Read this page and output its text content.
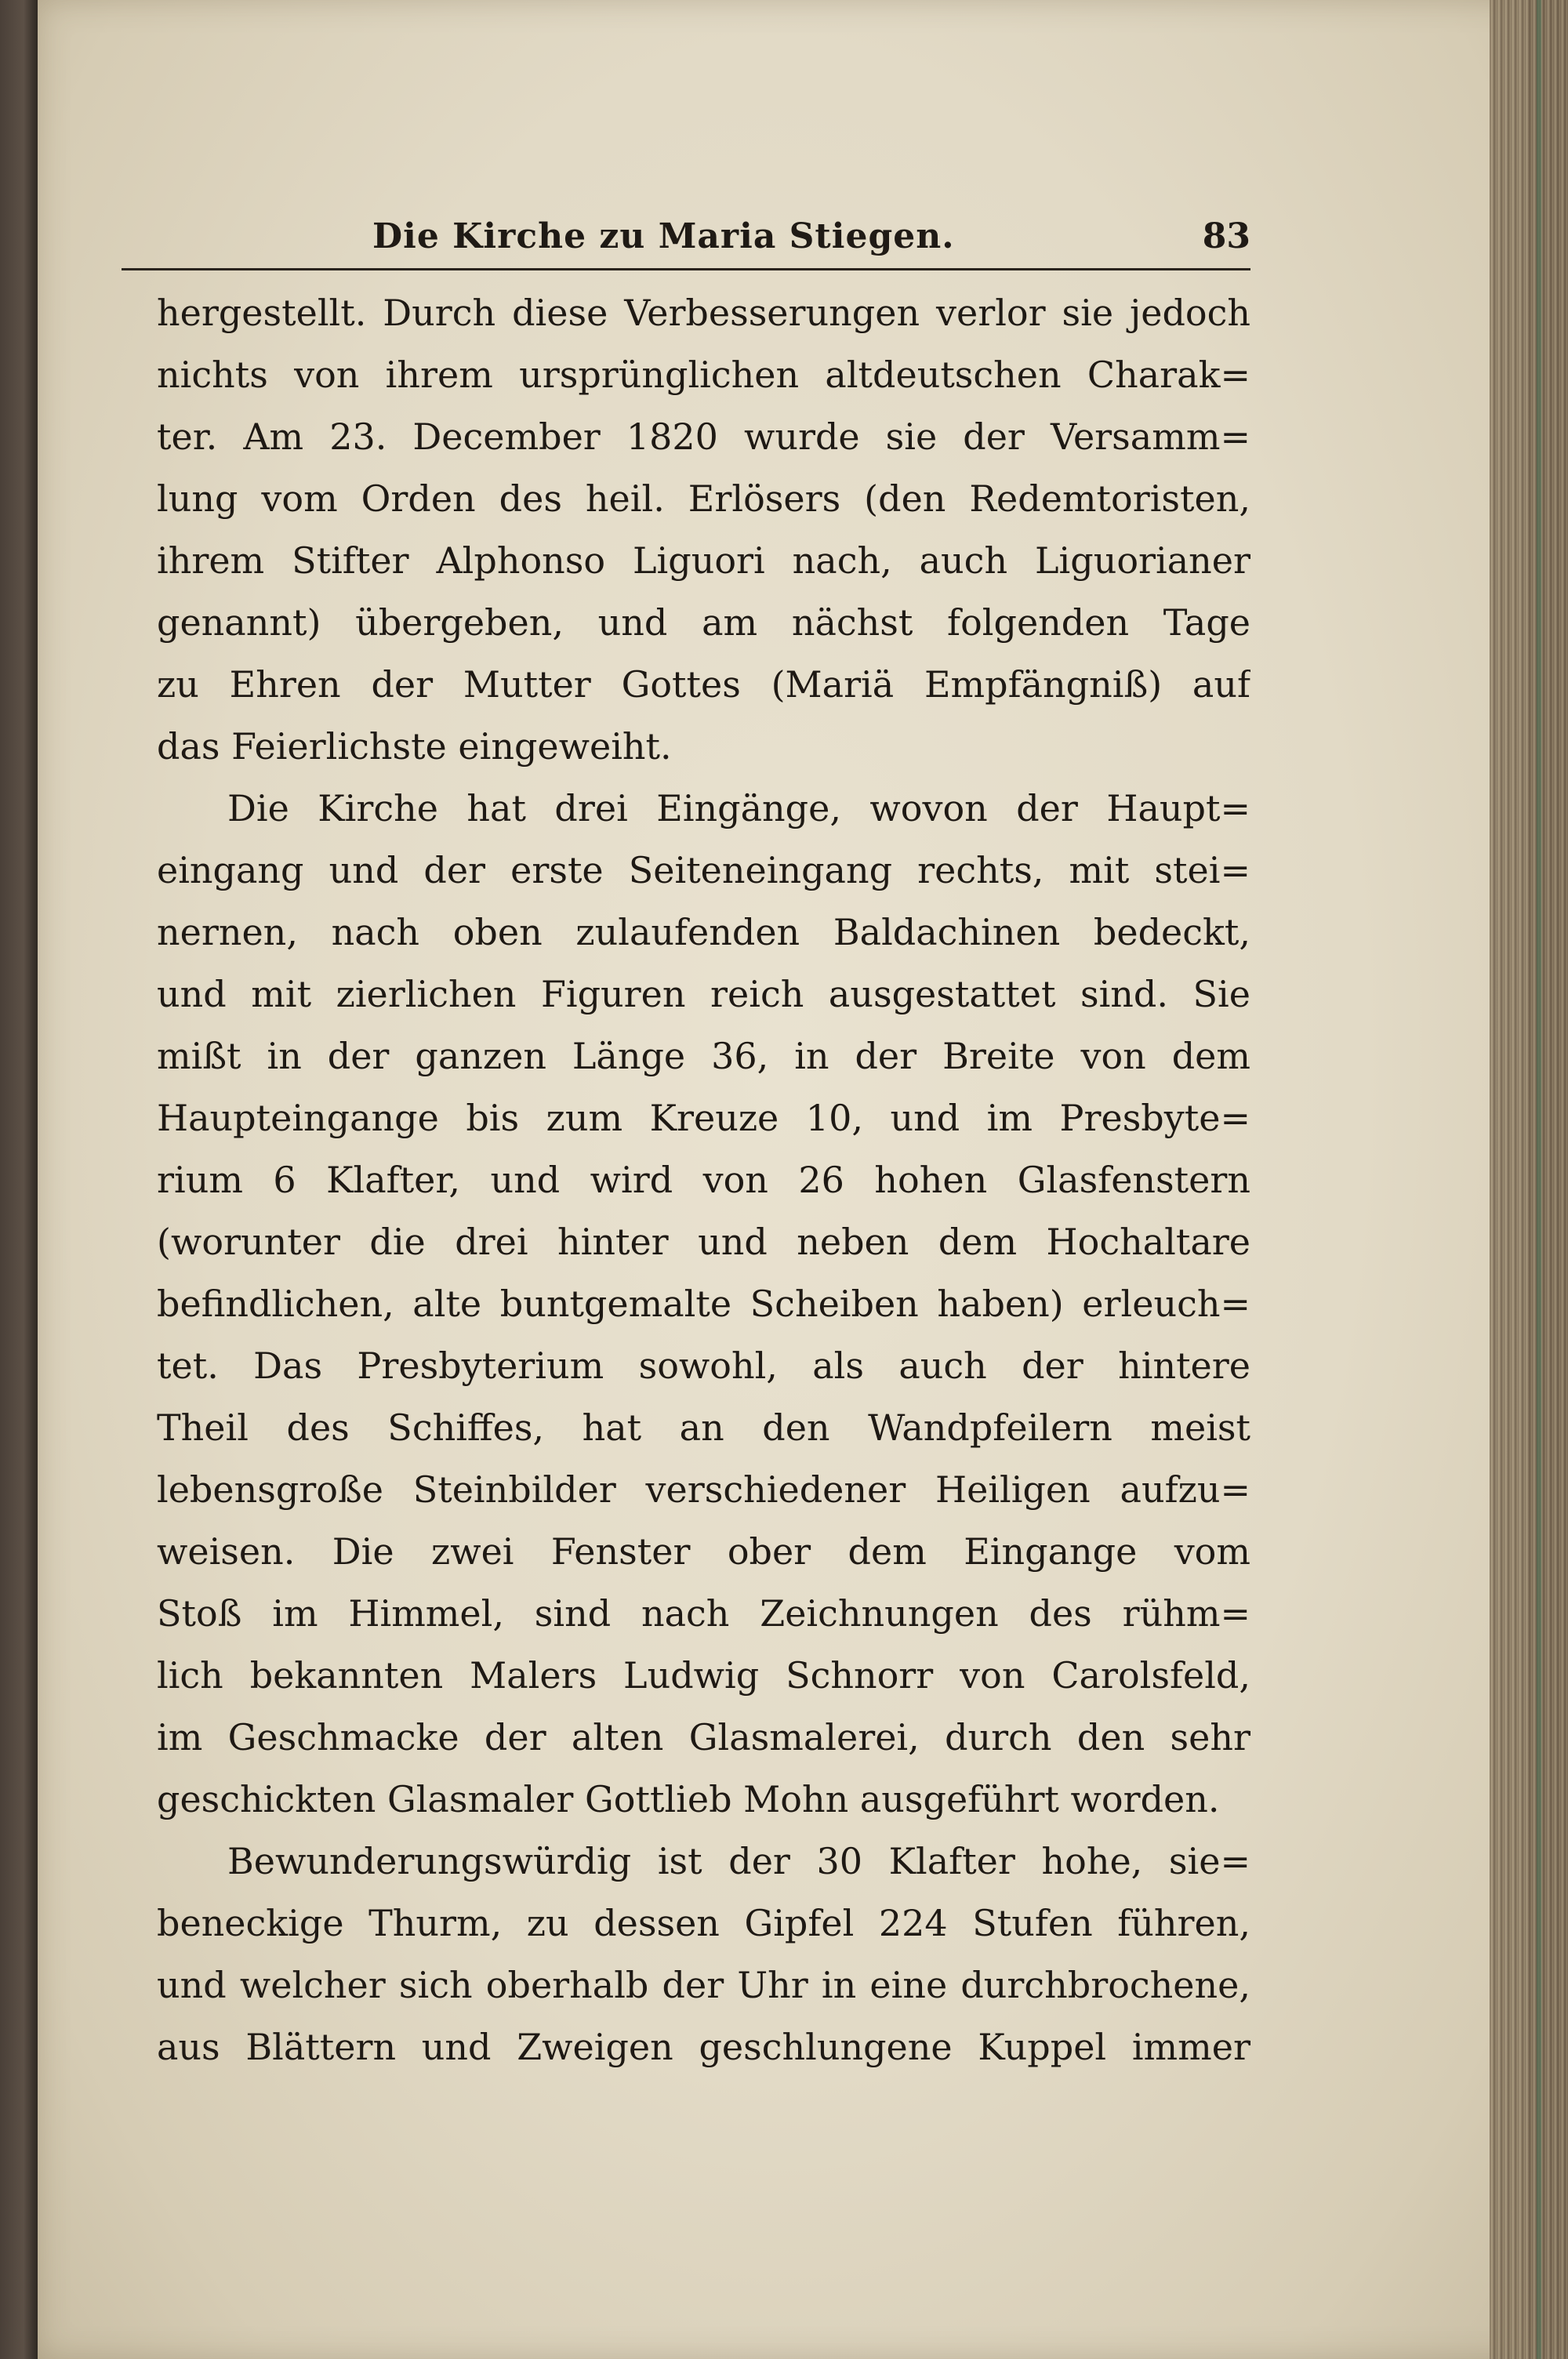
Die Kirche zu Maria Stiegen.	83
hergestellt. Durch diese Verbesserungen verlor sie jedoch
nichts von ihrem ursprünglichen altdeutschen Charak=
ter. Am 23. December 1820 wurde sie der Versamm=
lung vom Orden des heil. Erlösers (den Redemtoristen,
ihrem Stifter Alphonso Liguori nach, auch Liguorianer
genannt) übergeben, und am nächst folgenden Tage
zu Ehren der Mutter Gottes (Mariä Empfängniß) auf
das Feierlichste eingeweiht.
Die Kirche hat drei Eingänge, wovon der Haupt=
eingang und der erste Seiteneingang rechts, mit stei=
nernen, nach oben zulaufenden Baldachinen bedeckt,
und mit zierlichen Figuren reich ausgestattet sind. Sie
mißt in der ganzen Länge 36, in der Breite von dem
Haupteingange bis zum Kreuze 10, und im Presbyte=
rium 6 Klafter, und wird von 26 hohen Glasfenstern
(worunter die drei hinter und neben dem Hochaltare
befindlichen, alte buntgemalte Scheiben haben) erleuch=
tet. Das Presbyterium sowohl, als auch der hintere
Theil des Schiffes, hat an den Wandpfeilern meist
lebensgroße Steinbilder verschiedener Heiligen aufzu=
weisen. Die zwei Fenster ober dem Eingange vom
Stoß im Himmel, sind nach Zeichnungen des rühm=
lich bekannten Malers Ludwig Schnorr von Carolsfeld,
im Geschmacke der alten Glasmalerei, durch den sehr
geschickten Glasmaler Gottlieb Mohn ausgeführt worden.
Bewunderungswürdig ist der 30 Klafter hohe, sie=
beneckige Thurm, zu dessen Gipfel 224 Stufen führen,
und welcher sich oberhalb der Uhr in eine durchbrochene,
aus Blättern und Zweigen geschlungene Kuppel immer
